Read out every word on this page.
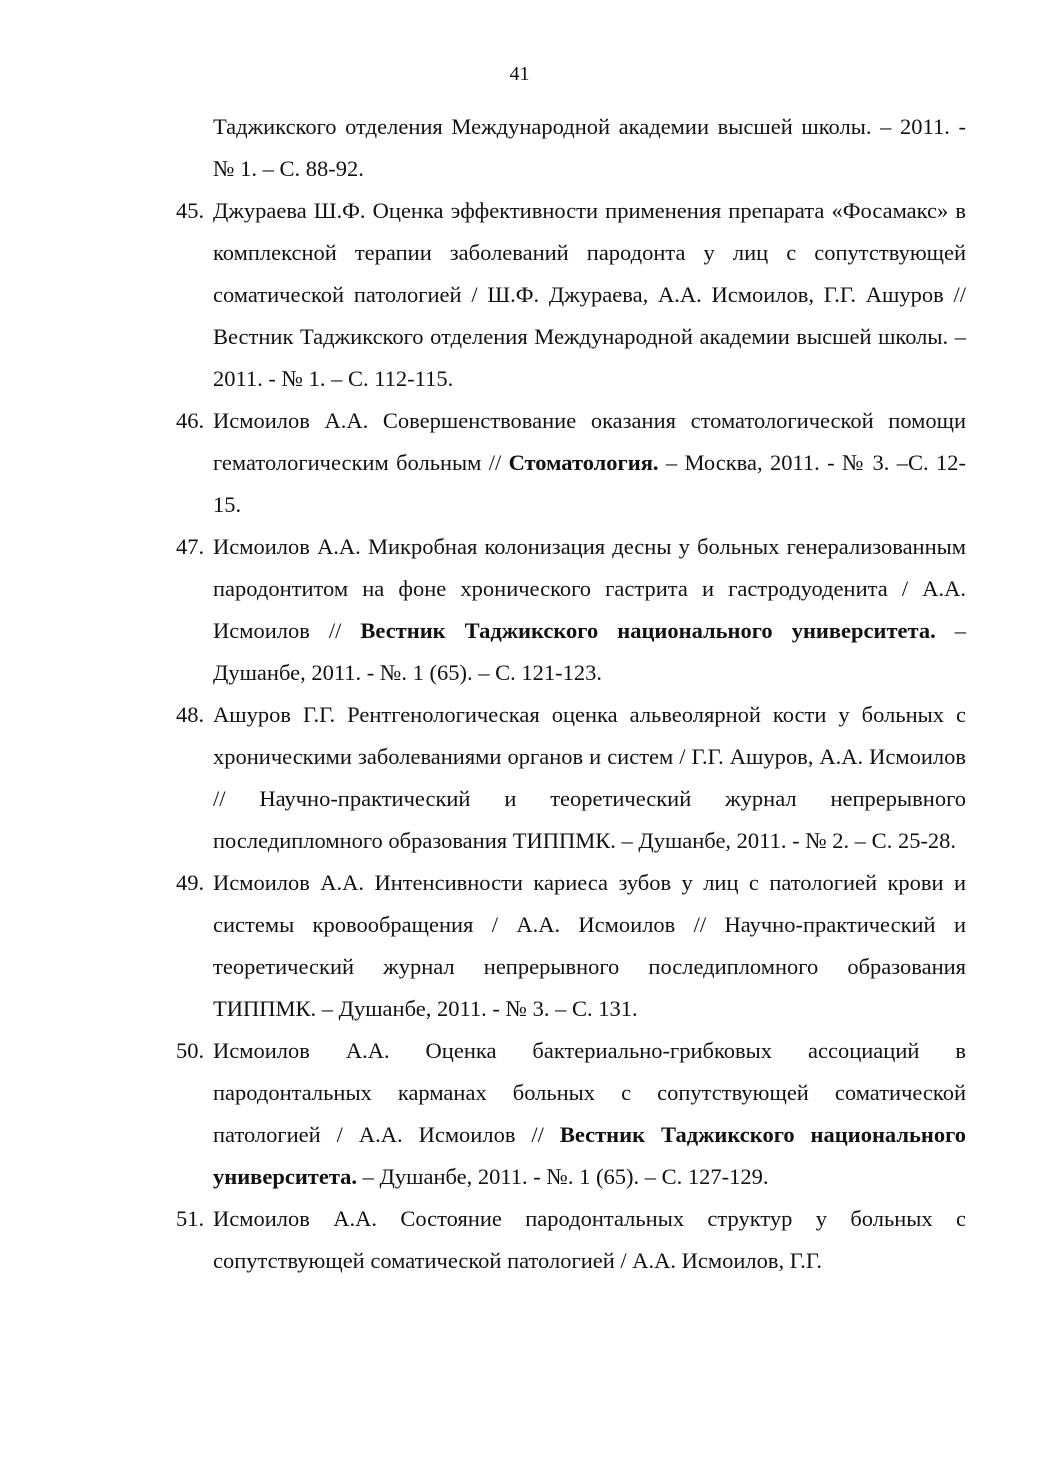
41
Таджикского отделения Международной академии высшей школы. – 2011. - № 1. – С. 88-92.
45. Джураева Ш.Ф. Оценка эффективности применения препарата «Фосамакс» в комплексной терапии заболеваний пародонта у лиц с сопутствующей соматической патологией / Ш.Ф. Джураева, А.А. Исмоилов, Г.Г. Ашуров // Вестник Таджикского отделения Международной академии высшей школы. – 2011. - № 1. – С. 112-115.
46. Исмоилов А.А. Совершенствование оказания стоматологической помощи гематологическим больным // Стоматология. – Москва, 2011. - № 3. –С. 12-15.
47. Исмоилов А.А. Микробная колонизация десны у больных генерализованным пародонтитом на фоне хронического гастрита и гастродуоденита / А.А. Исмоилов // Вестник Таджикского национального университета. – Душанбе, 2011. - №. 1 (65). – С. 121-123.
48. Ашуров Г.Г. Рентгенологическая оценка альвеолярной кости у больных с хроническими заболеваниями органов и систем / Г.Г. Ашуров, А.А. Исмоилов // Научно-практический и теоретический журнал непрерывного последипломного образования ТИППМК. – Душанбе, 2011. - № 2. – С. 25-28.
49. Исмоилов А.А. Интенсивности кариеса зубов у лиц с патологией крови и системы кровообращения / А.А. Исмоилов // Научно-практический и теоретический журнал непрерывного последипломного образования ТИППМК. – Душанбе, 2011. - № 3. – С. 131.
50. Исмоилов А.А. Оценка бактериально-грибковых ассоциаций в пародонтальных карманах больных с сопутствующей соматической патологией / А.А. Исмоилов // Вестник Таджикского национального университета. – Душанбе, 2011. - №. 1 (65). – С. 127-129.
51. Исмоилов А.А. Состояние пародонтальных структур у больных с сопутствующей соматической патологией / А.А. Исмоилов, Г.Г.
